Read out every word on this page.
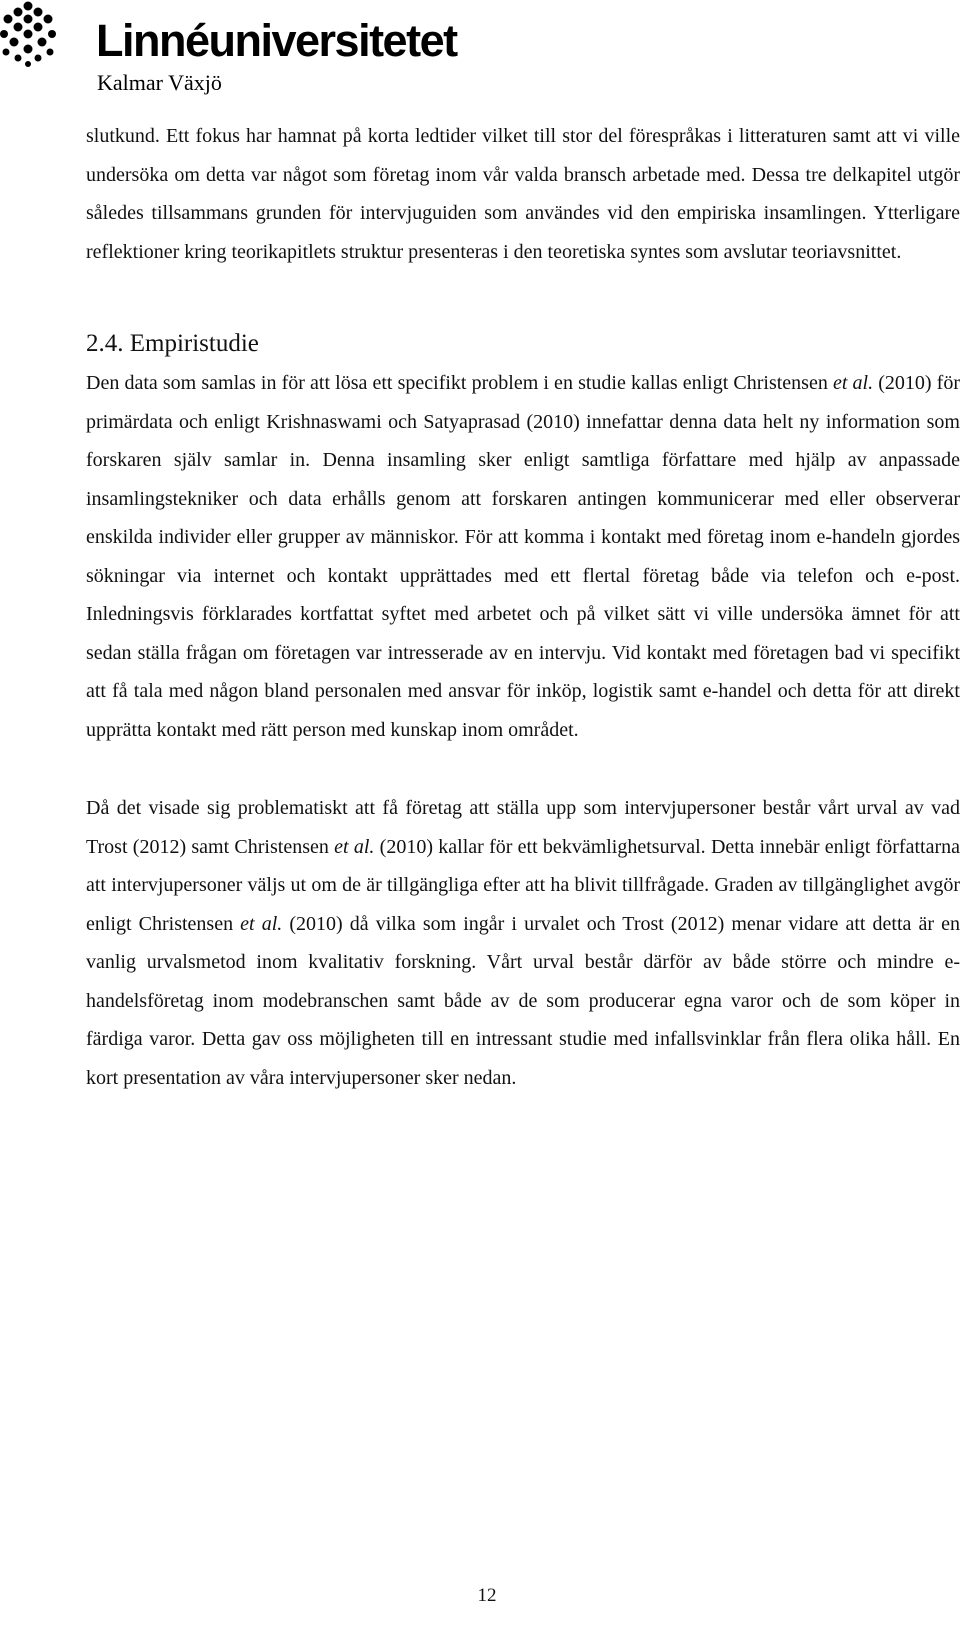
Linnéuniversitetet
Kalmar Växjö

slutkund. Ett fokus har hamnat på korta ledtider vilket till stor del förespråkas i litteraturen samt att vi ville undersöka om detta var något som företag inom vår valda bransch arbetade med. Dessa tre delkapitel utgör således tillsammans grunden för intervjuguiden som användes vid den empiriska insamlingen. Ytterligare reflektioner kring teorikapitlets struktur presenteras i den teoretiska syntes som avslutar teoriavsnittet.

2.4. Empiristudie

Den data som samlas in för att lösa ett specifikt problem i en studie kallas enligt Christensen et al. (2010) för primärdata och enligt Krishnaswami och Satyaprasad (2010) innefattar denna data helt ny information som forskaren själv samlar in. Denna insamling sker enligt samtliga författare med hjälp av anpassade insamlingstekniker och data erhålls genom att forskaren antingen kommunicerar med eller observerar enskilda individer eller grupper av människor. För att komma i kontakt med företag inom e-handeln gjordes sökningar via internet och kontakt upprättades med ett flertal företag både via telefon och e-post. Inledningsvis förklarades kortfattat syftet med arbetet och på vilket sätt vi ville undersöka ämnet för att sedan ställa frågan om företagen var intresserade av en intervju. Vid kontakt med företagen bad vi specifikt att få tala med någon bland personalen med ansvar för inköp, logistik samt e-handel och detta för att direkt upprätta kontakt med rätt person med kunskap inom området.

Då det visade sig problematiskt att få företag att ställa upp som intervjupersoner består vårt urval av vad Trost (2012) samt Christensen et al. (2010) kallar för ett bekvämlighetsurval. Detta innebär enligt författarna att intervjupersoner väljs ut om de är tillgängliga efter att ha blivit tillfrågade. Graden av tillgänglighet avgör enligt Christensen et al. (2010) då vilka som ingår i urvalet och Trost (2012) menar vidare att detta är en vanlig urvalsmetod inom kvalitativ forskning. Vårt urval består därför av både större och mindre e-handelsföretag inom modebranschen samt både av de som producerar egna varor och de som köper in färdiga varor. Detta gav oss möjligheten till en intressant studie med infallsvinklar från flera olika håll. En kort presentation av våra intervjupersoner sker nedan.

12
